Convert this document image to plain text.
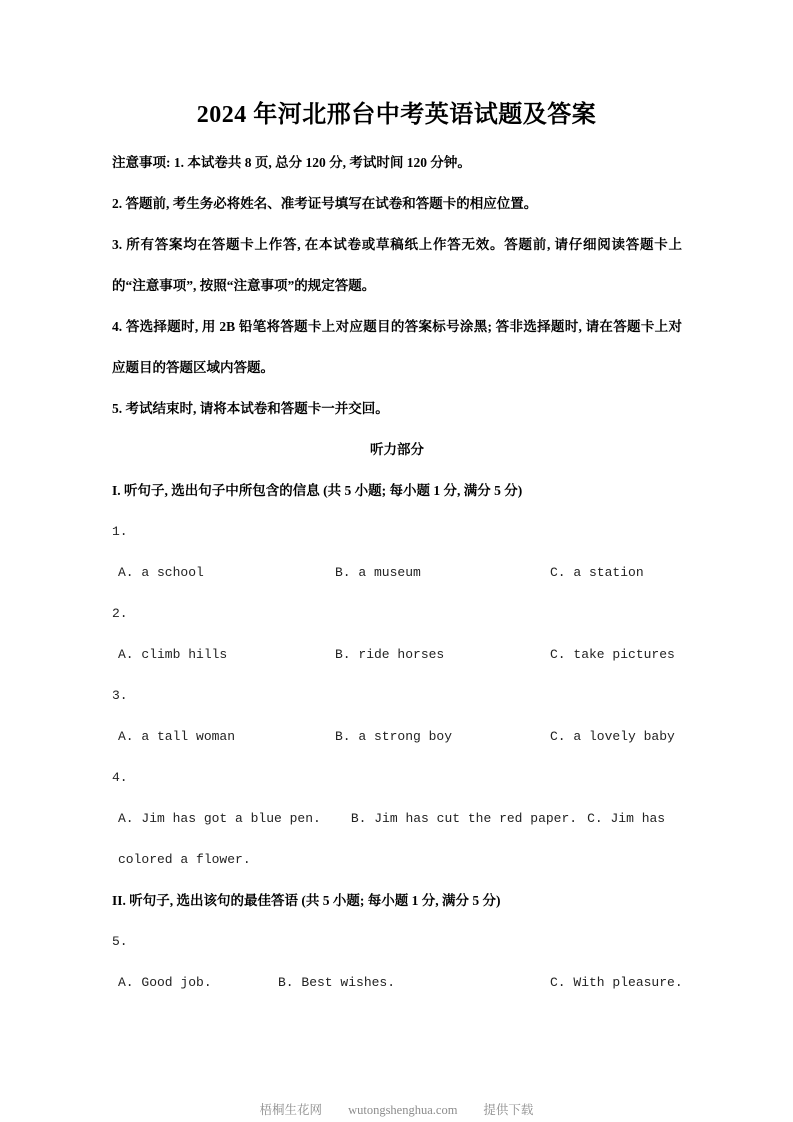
2024 年河北邢台中考英语试题及答案
注意事项: 1. 本试卷共 8 页, 总分 120 分, 考试时间 120 分钟。
2. 答题前, 考生务必将姓名、准考证号填写在试卷和答题卡的相应位置。
3. 所有答案均在答题卡上作答, 在本试卷或草稿纸上作答无效。答题前, 请仔细阅读答题卡上的“注意事项”, 按照“注意事项”的规定答题。
4. 答选择题时, 用 2B 铅笔将答题卡上对应题目的答案标号涂黑; 答非选择题时, 请在答题卡上对应题目的答题区域内答题。
5. 考试结束时, 请将本试卷和答题卡一并交回。
听力部分
I. 听句子, 选出句子中所包含的信息 (共 5 小题; 每小题 1 分, 满分 5 分)
1.
A. a school	B. a museum	C. a station
2.
A. climb hills	B. ride horses	C. take pictures
3.
A. a tall woman	B. a strong boy	C. a lovely baby
4.
A. Jim has got a blue pen. B. Jim has cut the red paper. C. Jim has colored a flower.
II. 听句子, 选出该句的最佳答语 (共 5 小题; 每小题 1 分, 满分 5 分)
5.
A. Good job.	B. Best wishes.	C. With pleasure.
梧桐生花网 wutongshenghua.com 提供下载
